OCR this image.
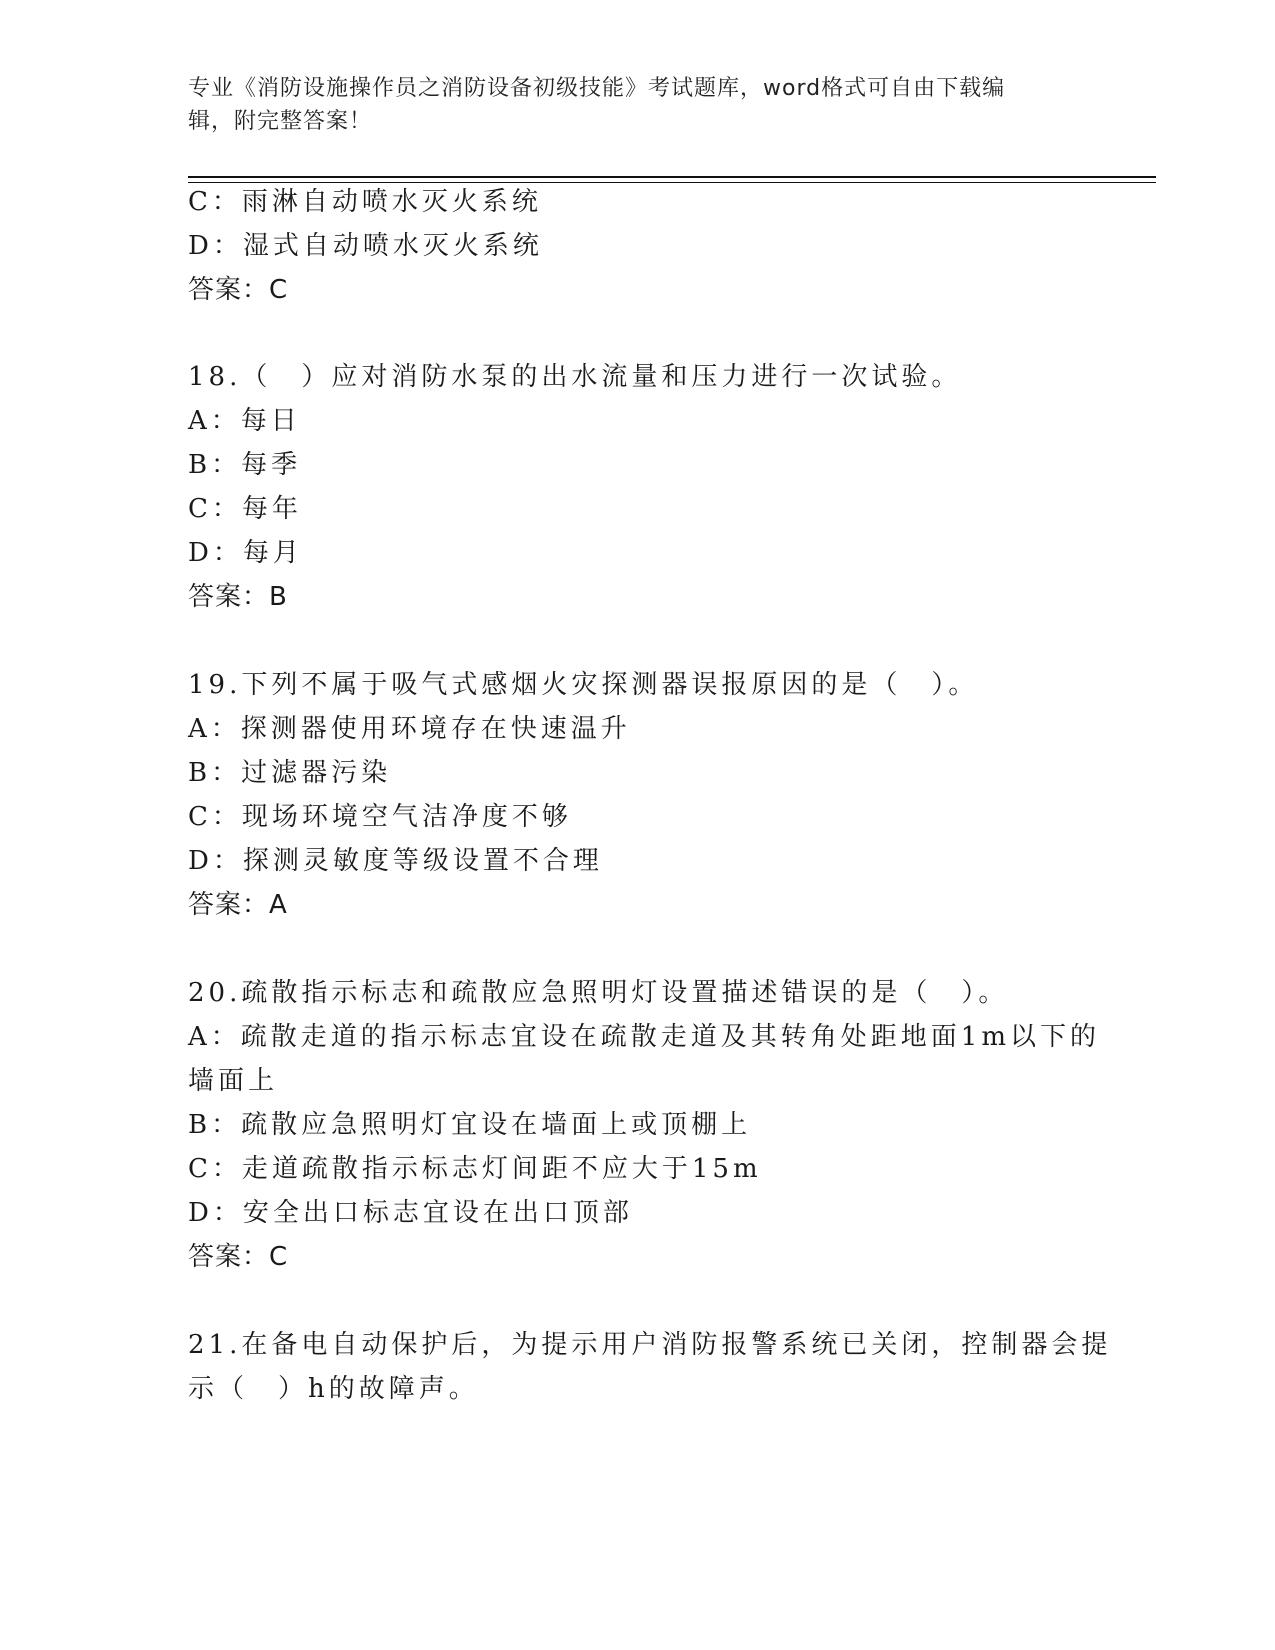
专业《消防设施操作员之消防设备初级技能》考试题库，word格式可自由下载编
辑，附完整答案！
C：雨淋自动喷水灭火系统
D：湿式自动喷水灭火系统
答案：C
18.（　）应对消防水泵的出水流量和压力进行一次试验。
A：每日
B：每季
C：每年
D：每月
答案：B
19.下列不属于吸气式感烟火灾探测器误报原因的是（　）。
A：探测器使用环境存在快速温升
B：过滤器污染
C：现场环境空气洁净度不够
D：探测灵敏度等级设置不合理
答案：A
20.疏散指示标志和疏散应急照明灯设置描述错误的是（　）。
A：疏散走道的指示标志宜设在疏散走道及其转角处距地面1m以下的
墙面上
B：疏散应急照明灯宜设在墙面上或顶棚上
C：走道疏散指示标志灯间距不应大于15m
D：安全出口标志宜设在出口顶部
答案：C
21.在备电自动保护后，为提示用户消防报警系统已关闭，控制器会提
示（　）h的故障声。
